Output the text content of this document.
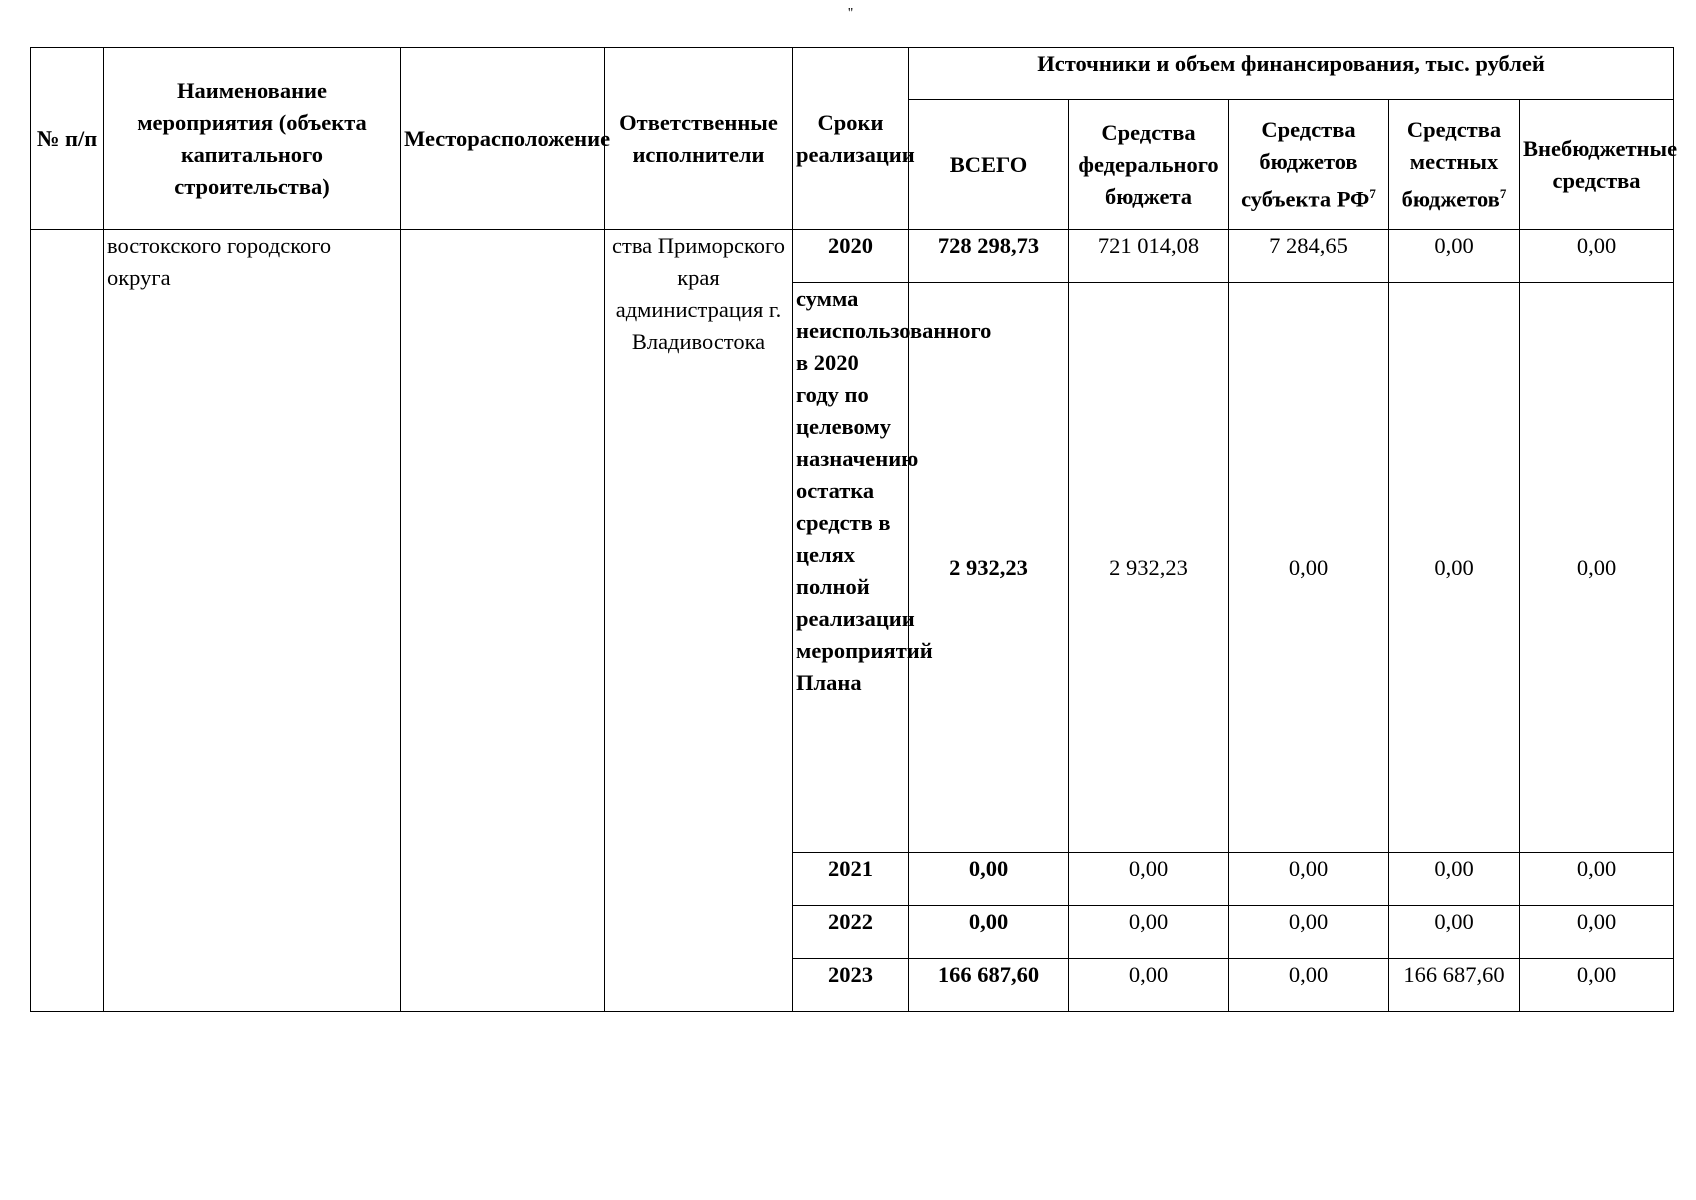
''
№ п/п	Наименование мероприятия (объекта капитального строительства)	Месторасположение	Ответственные исполнители	Сроки реализации	Источники и объем финансирования, тыс. рублей				
					ВСЕГО	Средства федерального бюджета	Средства бюджетов субъекта $РФ^7$	Средства местных бюджетов$^7$	Внебюджетные средства
	востокского городского округа		ства Приморского края администрация г. Владивостока	2020	728 298,73	721 014,08	7 284,65	0,00	0,00
				сумма неиспользованного в 2020 году по целевому назначению остатка средств в целях полной реализации мероприятий Плана	2 932,23	2 932,23	0,00	0,00	0,00
				2021	0,00	0,00	0,00	0,00	0,00
				2022	0,00	0,00	0,00	0,00	0,00
				2023	166 687,60	0,00	0,00	166 687,60	0,00
